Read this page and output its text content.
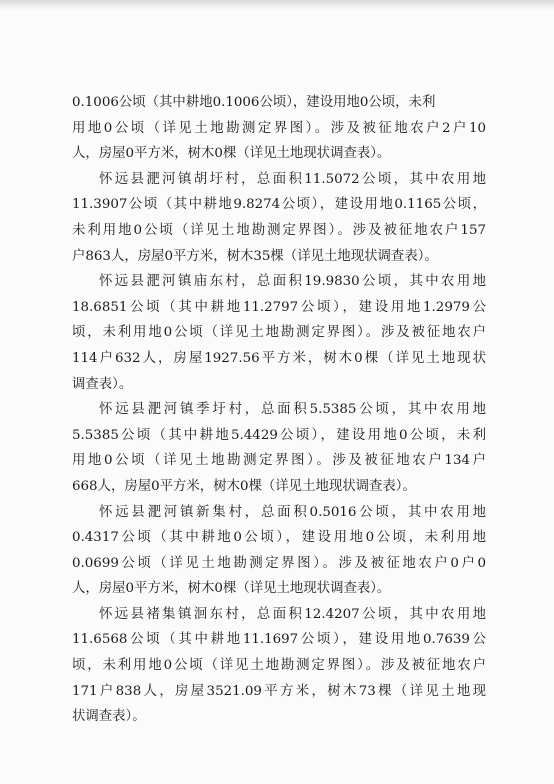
0.1006公顷（其中耕地0.1006公顷），建设用地0公顷，未利
用地0公顷（详见土地勘测定界图）。涉及被征地农户2户10
人，房屋0平方米，树木0棵（详见土地现状调查表）。
怀远县淝河镇胡圩村，总面积11.5072公顷，其中农用地
11.3907公顷（其中耕地9.8274公顷），建设用地0.1165公顷，
未利用地0公顷（详见土地勘测定界图）。涉及被征地农户157
户863人，房屋0平方米，树木35棵（详见土地现状调查表）。
怀远县淝河镇庙东村，总面积19.9830公顷，其中农用地
18.6851公顷（其中耕地11.2797公顷），建设用地1.2979公
顷，未利用地0公顷（详见土地勘测定界图）。涉及被征地农户
114户632人，房屋1927.56平方米，树木0棵（详见土地现状
调查表）。
怀远县淝河镇季圩村，总面积5.5385公顷，其中农用地
5.5385公顷（其中耕地5.4429公顷），建设用地0公顷，未利
用地0公顷（详见土地勘测定界图）。涉及被征地农户134户
668人，房屋0平方米，树木0棵（详见土地现状调查表）。
怀远县淝河镇新集村，总面积0.5016公顷，其中农用地
0.4317公顷（其中耕地0公顷），建设用地0公顷，未利用地
0.0699公顷（详见土地勘测定界图）。涉及被征地农户0户0
人，房屋0平方米，树木0棵（详见土地现状调查表）。
怀远县褚集镇洄东村，总面积12.4207公顷，其中农用地
11.6568公顷（其中耕地11.1697公顷），建设用地0.7639公
顷，未利用地0公顷（详见土地勘测定界图）。涉及被征地农户
171户838人，房屋3521.09平方米，树木73棵（详见土地现
状调查表）。
